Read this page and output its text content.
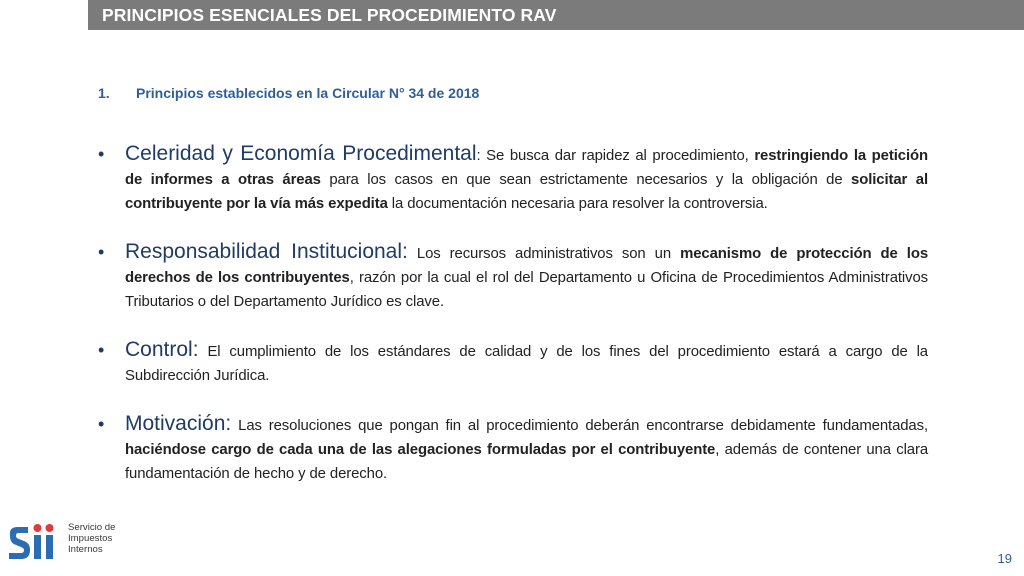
PRINCIPIOS ESENCIALES DEL PROCEDIMIENTO RAV
1. Principios establecidos en la Circular N° 34 de 2018
• Celeridad y Economía Procedimental: Se busca dar rapidez al procedimiento, restringiendo la petición de informes a otras áreas para los casos en que sean estrictamente necesarios y la obligación de solicitar al contribuyente por la vía más expedita la documentación necesaria para resolver la controversia.
• Responsabilidad Institucional: Los recursos administrativos son un mecanismo de protección de los derechos de los contribuyentes, razón por la cual el rol del Departamento u Oficina de Procedimientos Administrativos Tributarios o del Departamento Jurídico es clave.
• Control: El cumplimiento de los estándares de calidad y de los fines del procedimiento estará a cargo de la Subdirección Jurídica.
• Motivación: Las resoluciones que pongan fin al procedimiento deberán encontrarse debidamente fundamentadas, haciéndose cargo de cada una de las alegaciones formuladas por el contribuyente, además de contener una clara fundamentación de hecho y de derecho.
Servicio de
Impuestos
Internos
19
